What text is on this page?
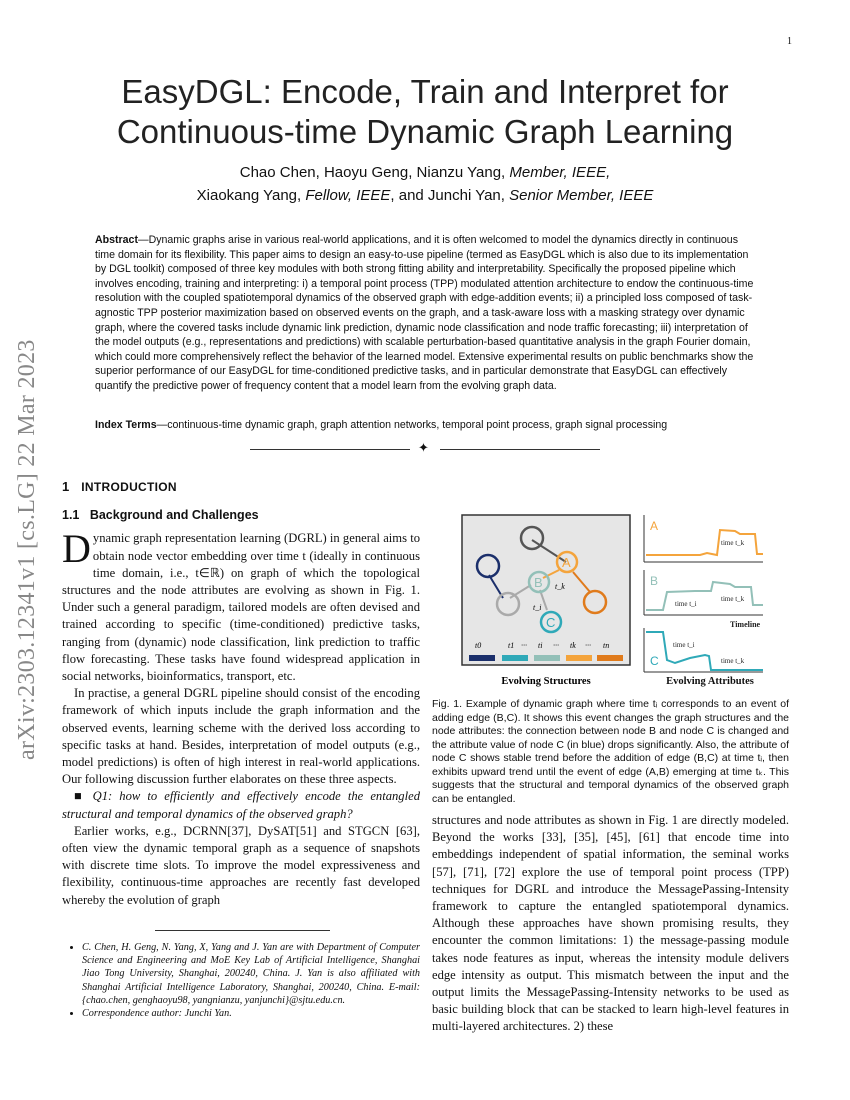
1
arXiv:2303.12341v1 [cs.LG] 22 Mar 2023
EasyDGL: Encode, Train and Interpret for Continuous-time Dynamic Graph Learning
Chao Chen, Haoyu Geng, Nianzu Yang, Member, IEEE,
Xiaokang Yang, Fellow, IEEE, and Junchi Yan, Senior Member, IEEE
Abstract—Dynamic graphs arise in various real-world applications, and it is often welcomed to model the dynamics directly in continuous time domain for its flexibility. This paper aims to design an easy-to-use pipeline (termed as EasyDGL which is also due to its implementation by DGL toolkit) composed of three key modules with both strong fitting ability and interpretability. Specifically the proposed pipeline which involves encoding, training and interpreting: i) a temporal point process (TPP) modulated attention architecture to endow the continuous-time resolution with the coupled spatiotemporal dynamics of the observed graph with edge-addition events; ii) a principled loss composed of task-agnostic TPP posterior maximization based on observed events on the graph, and a task-aware loss with a masking strategy over dynamic graph, where the covered tasks include dynamic link prediction, dynamic node classification and node traffic forecasting; iii) interpretation of the model outputs (e.g., representations and predictions) with scalable perturbation-based quantitative analysis in the graph Fourier domain, which could more comprehensively reflect the behavior of the learned model. Extensive experimental results on public benchmarks show the superior performance of our EasyDGL for time-conditioned predictive tasks, and in particular demonstrate that EasyDGL can effectively quantify the predictive power of frequency content that a model learn from the evolving graph data.
Index Terms—continuous-time dynamic graph, graph attention networks, temporal point process, graph signal processing
✦
1 INTRODUCTION
1.1 Background and Challenges

Dynamic graph representation learning (DGRL) in general aims to obtain node vector embedding over time t (ideally in continuous time domain, i.e., t∈ℝ) on graph of which the topological structures and the node attributes are evolving as shown in Fig. 1. Under such a general paradigm, tailored models are often devised and trained according to specific (time-conditioned) predictive tasks, ranging from (dynamic) node classification, link prediction to traffic flow forecasting. These tasks have found widespread application in social networks, bioinformatics, transport, etc.

In practise, a general DGRL pipeline should consist of the encoding framework of which inputs include the graph information and the observed events, learning scheme with the derived loss according to specific tasks at hand. Besides, interpretation of model outputs (e.g., model predictions) is often of high interest in real-world applications. Our following discussion further elaborates on these three aspects.

■ Q1: how to efficiently and effectively encode the entangled structural and temporal dynamics of the observed graph?

Earlier works, e.g., DCRNN[37], DySAT[51] and STGCN [63], often view the dynamic temporal graph as a sequence of snapshots with discrete time slots. To improve the model expressiveness and flexibility, continuous-time approaches are recently fast developed whereby the evolution of graph

A
B
C
t_k
t_i
t0	t1 ··· ti ··· tk ··· tn
Evolving Structures
A
B
C
time t_k
time t_i
time t_k
time t_i
time t_k
Timeline
Evolving Attributes
Fig. 1. Example of dynamic graph where time tᵢ corresponds to an event of adding edge (B,C). It shows this event changes the graph structures and the node attributes: the connection between node B and node C is changed and the attribute value of node C (in blue) drops significantly. Also, the attribute of node C shows stable trend before the addition of edge (B,C) at time tᵢ, then exhibits upward trend until the event of edge (A,B) emerging at time tₖ. This suggests that the structural and temporal dynamics of the observed graph can be entangled.

structures and node attributes as shown in Fig. 1 are directly modeled. Beyond the works [33], [35], [45], [61] that encode time into embeddings independent of spatial information, the seminal works [57], [71], [72] explore the use of temporal point process (TPP) techniques for DGRL and introduce the MessagePassing-Intensity framework to capture the entangled spatiotemporal dynamics. Although these approaches have shown promising results, they encounter the common limitations: 1) the message-passing module takes node features as input, whereas the intensity module delivers edge intensity as output. This mismatch between the input and the output limits the MessagePassing-Intensity networks to be used as basic building block that can be stacked to learn high-level features in multi-layered architectures. 2) these

• C. Chen, H. Geng, N. Yang, X, Yang and J. Yan are with Department of Computer Science and Engineering and MoE Key Lab of Artificial Intelligence, Shanghai Jiao Tong University, Shanghai, 200240, China. J. Yan is also affiliated with Shanghai Artificial Intelligence Laboratory, Shanghai, 200240, China. E-mail: {chao.chen, genghaoyu98, yangnianzu, yanjunchi}@sjtu.edu.cn.
• Correspondence author: Junchi Yan.
